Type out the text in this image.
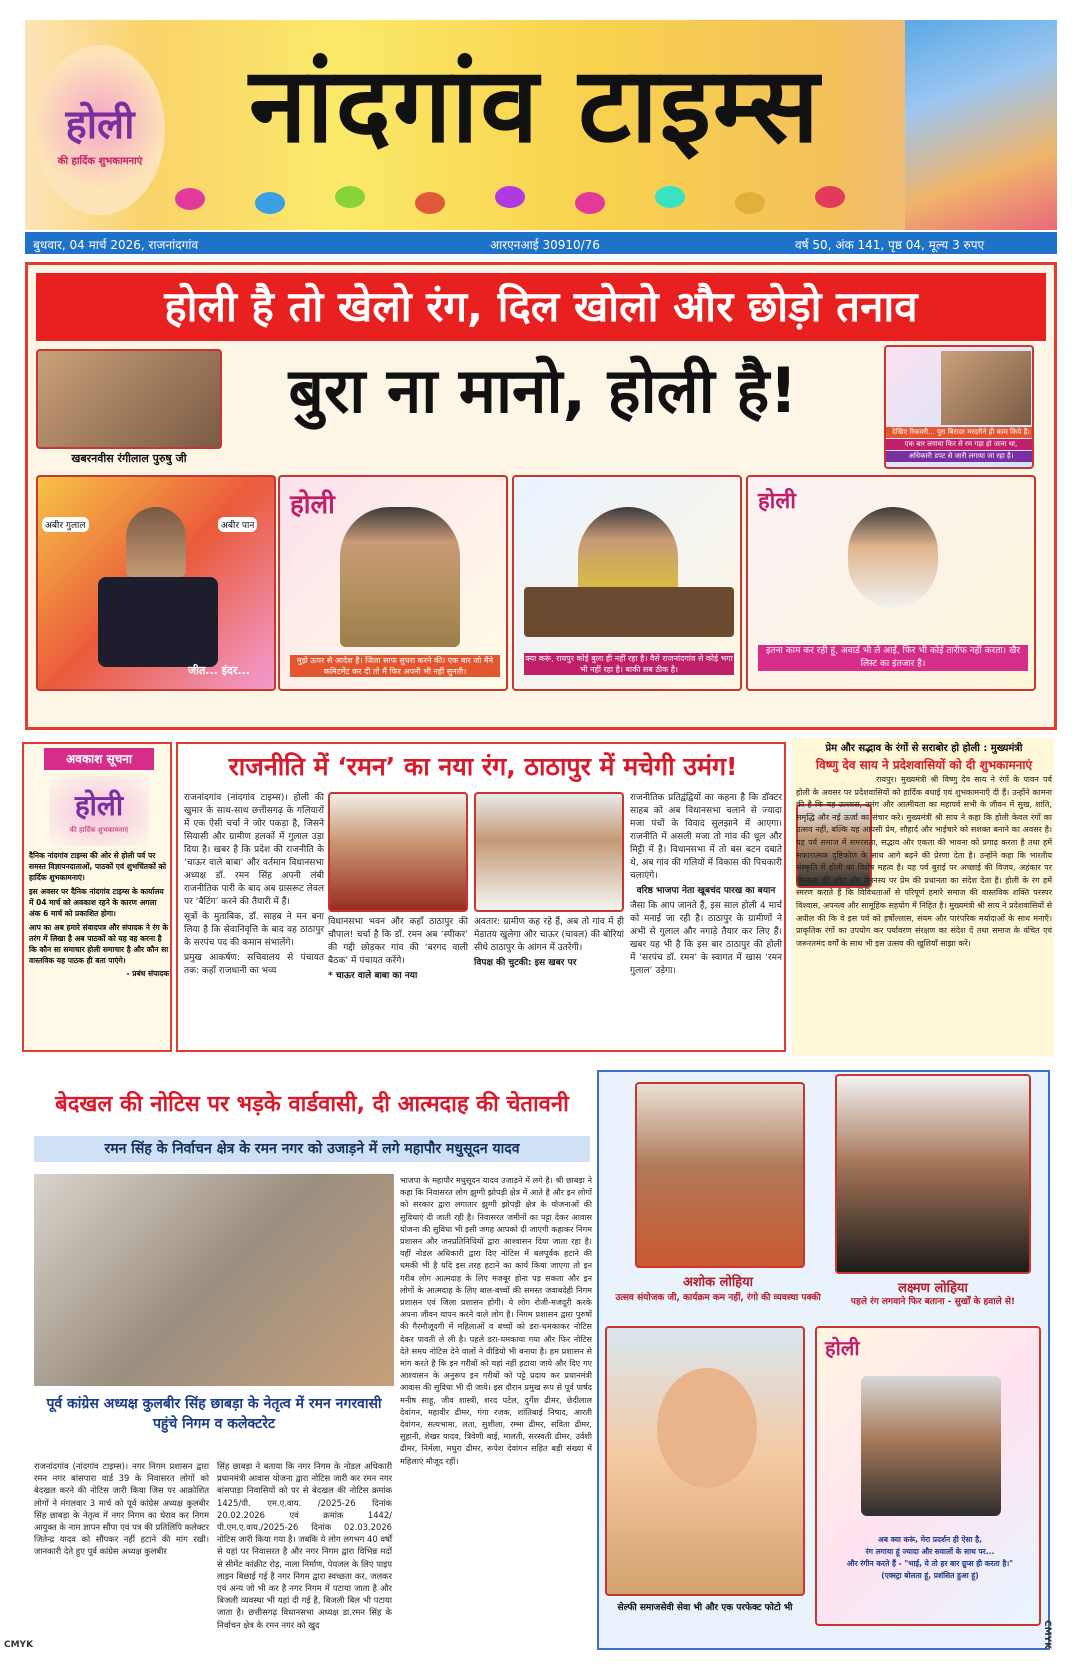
होली
की हार्दिक शुभकामनाएं	नांदगांव टाइम्स
बुधवार, 04 मार्च 2026, राजनांदगांव	आरएनआई 30910/76	वर्ष 50, अंक 141, पृष्ठ 04, मूल्य 3 रुपए
होली है तो खेलो रंग, दिल खोलो और छोड़ो तनाव
बुरा ना मानो, होली है!
खबरनवीस रंगीलाल पुरुषु जी
देखिए रिकवरी... पुरा बिरादर मरदरीने ही काम किये हैं।
एक बार लगाया फिर से रम गड़ा हो जाना था,
अधिकारी डपट से जारी लगाया जा रहा है।
अबीर गुलाल	अबीर पान
जीत... इंदर...
होली
मुझे ऊपर से आदेश है। जिला साफ सुधरा करने की। एक बार जो मैंने कमिटमेंट कर दी तो मैं फिर अपनी भी नहीं सुनती।
क्या करूं, रायपुर कोई बुला ही नहीं रहा है। वैसे राजनांदगांव से कोई भगा भी नहीं रहा है। बाकी सब ठीक है।
होली
इतना काम कर रही हूं, अवार्ड भी ले आई, फिर भी कोई तारीफ नहीं करता। खैर लिस्ट का इंतजार है।
अवकाश सूचना
होली
की हार्दिक शुभकामनाएं

दैनिक नांदगांव टाइम्स की ओर से होली पर्व पर समस्त विज्ञापनदाताओं, पाठकों एवं शुभचिंतकों को हार्दिक शुभकामनाएं।

इस अवसर पर दैनिक नांदगांव टाइम्स के कार्यालय में 04 मार्च को अवकाश रहने के कारण अगला अंक 6 मार्च को प्रकाशित होगा।

आप का अब हमारे संवादपत्र और संपादक ने रंग के तरंग में लिखा है अब पाठकों को यह वह करना है कि कौन सा समाचार होली समाचार है और कौन सा वास्तविक यह पाठक ही बता पाएंगे।

- प्रबंध संपादक

राजनीति में ‘रमन’ का नया रंग, ठाठापुर में मचेगी उमंग!

राजनांदगांव (नांदगांव टाइम्स)। होली की खुमार के साथ-साथ छत्तीसगढ़ के गलियारों में एक ऐसी चर्चा ने जोर पकड़ा है, जिसने सियासी और ग्रामीण हलकों में गुलाल उड़ा दिया है। खबर है कि प्रदेश की राजनीति के ‘चाऊर वाले बाबा’ और वर्तमान विधानसभा अध्यक्ष डॉ. रमन सिंह अपनी लंबी राजनीतिक पारी के बाद अब ग्रासरूट लेवल पर ‘बैटिंग’ करने की तैयारी में हैं।

सूत्रों के मुताबिक, डॉ. साहब ने मन बना लिया है कि सेवानिवृत्ति के बाद वह ठाठापुर के सरपंच पद की कमान संभालेंगे।

प्रमुख आकर्षण: सचिवालय से पंचायत तक: कहाँ राजधानी का भव्य

विधानसभा भवन और कहाँ ठाठापुर की चौपाल! चर्चा है कि डॉ. रमन अब ‘स्पीकर’ की गद्दी छोड़कर गांव की ‘बरगद वाली बैठक’ में पंचायत करेंगे।

* चाऊर वाले बाबा का नया

अवतार: ग्रामीण कह रहे हैं, अब तो गांव में ही मेडातय खुलेगा और चाऊर (चावल) की बोरियां सीधे ठाठापुर के आंगन में उतरेंगी।

विपक्ष की चुटकी: इस खबर पर

राजनीतिक प्रतिद्वंद्वियों का कहना है कि डॉक्टर साहब को अब विधानसभा चलाने से ज्यादा मजा पंचों के विवाद सुलझाने में आएगा। राजनीति में असली मजा तो गांव की धूल और मिट्टी में है। विधानसभा में तो बस बटन दबाते थे, अब गांव की गलियों में विकास की पिचकारी चलाएंगे।

वरिष्ठ भाजपा नेता खूबचंद पारख का बयान

जैसा कि आप जानते हैं, इस साल होली 4 मार्च को मनाई जा रही है। ठाठापुर के ग्रामीणों ने अभी से गुलाल और नगाड़े तैयार कर लिए हैं। खबर यह भी है कि इस बार ठाठापुर की होली में ‘सरपंच डॉ. रमन’ के स्वागत में खास ‘रमन गुलाल’ उड़ेगा।

प्रेम और सद्भाव के रंगों से सराबोर हो होली : मुख्यमंत्री
विष्णु देव साय ने प्रदेशवासियों को दी शुभकामनाएं
रायपुर। मुख्यमंत्री श्री विष्णु देव साय ने रंगों के पावन पर्व होली के अवसर पर प्रदेशवासियों को हार्दिक बधाई एवं शुभकामनाएँ दी हैं। उन्होंने कामना की है कि यह उल्लास, उमंग और आत्मीयता का महापर्व सभी के जीवन में सुख, शांति, समृद्धि और नई ऊर्जा का संचार करे। मुख्यमंत्री श्री साय ने कहा कि होली केवल रंगों का उत्सव नहीं, बल्कि यह आपसी प्रेम, सौहार्द और भाईचारे को सशक्त बनाने का अवसर है। यह पर्व समाज में समरसता, सद्भाव और एकता की भावना को प्रगाढ़ करता है तथा हमें सकारात्मक दृष्टिकोण के साथ आगे बढ़ने की प्रेरणा देता है। उन्होंने कहा कि भारतीय संस्कृति में होली का विशेष महत्व है। यह पर्व बुराई पर अच्छाई की विजय, अहंकार पर विनम्रता की जीत और वैमनस्य पर प्रेम की प्रधानता का संदेश देता है। होली के रंग हमें स्मरण कराते हैं कि विविधताओं से परिपूर्ण हमारे समाज की वास्तविक शक्ति परस्पर विश्वास, अपनत्व और सामूहिक सहयोग में निहित है। मुख्यमंत्री श्री साय ने प्रदेशवासियों से अपील की कि वे इस पर्व को हर्षोल्लास, संयम और पारंपरिक मर्यादाओं के साथ मनाएँ। प्राकृतिक रंगों का उपयोग कर पर्यावरण संरक्षण का संदेश दें तथा समाज के वंचित एवं जरूरतमंद वर्गों के साथ भी इस उत्सव की खुशियाँ साझा करें।
बेदखल की नोटिस पर भड़के वार्डवासी, दी आत्मदाह की चेतावनी
रमन सिंह के निर्वाचन क्षेत्र के रमन नगर को उजाड़ने में लगे महापौर मधुसूदन यादव
पूर्व कांग्रेस अध्यक्ष कुलबीर सिंह छाबड़ा के नेतृत्व में रमन नगरवासी पहुंचे निगम व कलेक्टरेट
राजनांदगांव (नांदगांव टाइम्स)। नगर निगम प्रशासन द्वारा रमन नगर बांसपारा वार्ड 39 के निवासरत लोगों को बेदखल करने की नोटिस जारी किया जिस पर आक्रोशित लोगों ने मंगलवार 3 मार्च को पूर्व कांग्रेस अध्यक्ष कुलबीर सिंह छाबड़ा के नेतृत्व में नगर निगम का घेराव कर निगम आयुक्त के नाम ज्ञापन सौंपा एवं पत्र की प्रतिलिपि कलेक्टर जितेन्द्र यादव को सौंपकर नहीं हटाने की मांग रखी। जानकारी देते हुए पूर्व कांग्रेस अध्यक्ष कुलबीर
सिंह छाबड़ा ने बताया कि नगर निगम के नोडल अधिकारी प्रधानमंत्री आवास योजना द्वारा नोटिस जारी कर रमन नगर बांसपाड़ा निवासियों को पर से बेदखल की नोटिस क्रमांक 1425/पी. एम.ए.वाय. /2025-26 दिनांक 20.02.2026 एवं क्रमांक 1442/पी.एम.ए.वाय./2025-26 दिनांक 02.03.2026 नोटिस जारी किया गया है। जबकि ये लोग लगभग 40 वर्षों से यहां पर निवासरत है और नगर निगम द्वारा विभिन्न मदों से सीमेंट कांक्रीट रोड़, नाला निर्माण, पेयजल के लिए पाइप लाइन बिछाई गई है नगर निगम द्वारा स्वच्छता कर, जलकर एवं अन्य जो भी कर है नगर निगम में पटाया जाता है और बिजली व्यवस्था भी यहां दी गई है, बिजली बिल भी पटाया जाता है। छत्तीसगढ़ विधानसभा अध्यक्ष डा.रमन सिंह के निर्वाचन क्षेत्र के रमन नगर को खुद
भाजपा के महापौर मधुसूदन यादव उजाड़ने में लगे है। श्री छाबड़ा ने कहा कि निवासरत लोग झुग्गी झोपड़ी क्षेत्र में आते है और इन लोगों को सरकार द्वारा लगातार झुग्गी झोपड़ी क्षेत्र के योजनाओं की सुविधाएं दी जाती रही है। निवासरत जमीनों का पट्टा देकर आवास योजना की सुविधा भी इसी जगह आपको दी जाएगी कहाकर निगम प्रशासन और जनप्रतिनिधियों द्वारा आश्वासन दिया जाता रहा है। वहीं नोडल अधिकारी द्वारा दिए नोटिस में बलपूर्वक हटाने की धमकी भी है यदि इस तरह हटाने का कार्य किया जाएगा तो इन गरीब लोग आत्मदाह के लिए मजबूर होना पड़ सकता और इन लोगों के आत्मदाह के लिए बाल-बच्चों की समस्त जवाबदेही निगम प्रशासन एवं जिला प्रशासन होगी। ये लोग रोजी-मजदूरी करके अपना जीवन यापन करने वाले लोग है। निगम प्रशासन द्वारा पुरुषों की गैरमौजूदगी में महिलाओं व बच्चों को डरा-धमकाकर नोटिस देकर पावती ले ली है। पहले डरा-धमकाया गया और फिर नोटिस देते समय नोटिस देने वालों ने वीडियो भी बनाया है। हम प्रशासन से मांग करते है कि इन गरीबों को यहां नहीं हटाया जाये और दिए गए आश्वासन के अनुरूप इन गरीबों को पट्टे प्रदाय कर प्रधानमंत्री आवास की सुविधा भी दी जाये। इस दौरान प्रमुख रूप से पूर्व पार्षद मनीष साहू, जीव शास्त्री, शरद पटेल, दुर्गेश ढीमर, छेदीलाल देवांगन, महावीर ढीमर, गंगा रजक, शांतिबाई निषाद, आरती देवांगन, सत्यभामा, लता, सुशीला, रम्भा ढीमर, सविता ढीमर, सुहानी, शेखर यादव, त्रिवेणी बाई, मालती, सरस्वती ढीमर, उर्वशी ढीमर, निर्मला, मधुरा ढीमर, रूपेश देवांगन सहित बड़ी संख्या में महिलाएं मौजूद रहीं।
अशोक लोहिया
उत्सव संयोजक जी, कार्यक्रम कम नहीं, रंगो की व्यवस्था पक्की
लक्ष्मण लोहिया
पहले रंग लगवाने फिर बताना - सुर्खों के हवाले से!
सेल्फी समाजसेवी सेवा भी और एक परफेक्ट फोटो भी
होली

अब क्या करूं, मेरा प्रदर्शन ही ऐसा है,

रंग लगाया हूं ज्यादा और सवालों के साथ पर...

और रंगीन करते हैं - "भाई, ये तो हर बार ग्रुप्स ही करता है।"

(एक्स्ट्रा बोलता हूं, प्रशंसित हुआ हूं)

CMYK	CMYK
